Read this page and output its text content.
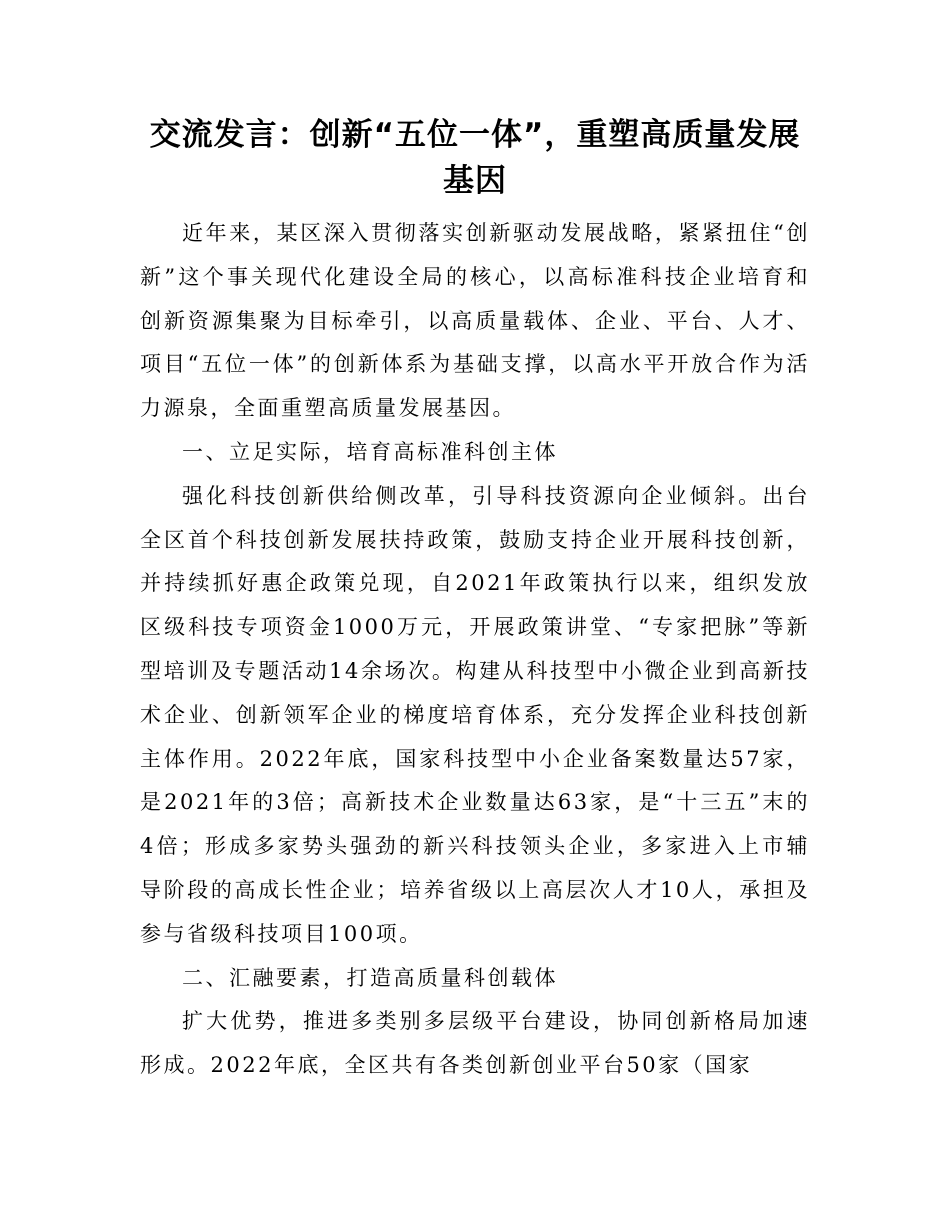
交流发言：创新“五位一体”，重塑高质量发展基因

近年来，某区深入贯彻落实创新驱动发展战略，紧紧扭住“创新”这个事关现代化建设全局的核心，以高标准科技企业培育和创新资源集聚为目标牵引，以高质量载体、企业、平台、人才、项目“五位一体”的创新体系为基础支撑，以高水平开放合作为活力源泉，全面重塑高质量发展基因。

一、立足实际，培育高标准科创主体

强化科技创新供给侧改革，引导科技资源向企业倾斜。出台全区首个科技创新发展扶持政策，鼓励支持企业开展科技创新，并持续抓好惠企政策兑现，自2021年政策执行以来，组织发放区级科技专项资金1000万元，开展政策讲堂、“专家把脉”等新型培训及专题活动14余场次。构建从科技型中小微企业到高新技术企业、创新领军企业的梯度培育体系，充分发挥企业科技创新主体作用。2022年底，国家科技型中小企业备案数量达57家，是2021年的3倍；高新技术企业数量达63家，是“十三五”末的4倍；形成多家势头强劲的新兴科技领头企业，多家进入上市辅导阶段的高成长性企业；培养省级以上高层次人才10人，承担及参与省级科技项目100项。

二、汇融要素，打造高质量科创载体

扩大优势，推进多类别多层级平台建设，协同创新格局加速形成。2022年底，全区共有各类创新创业平台50家（国家
